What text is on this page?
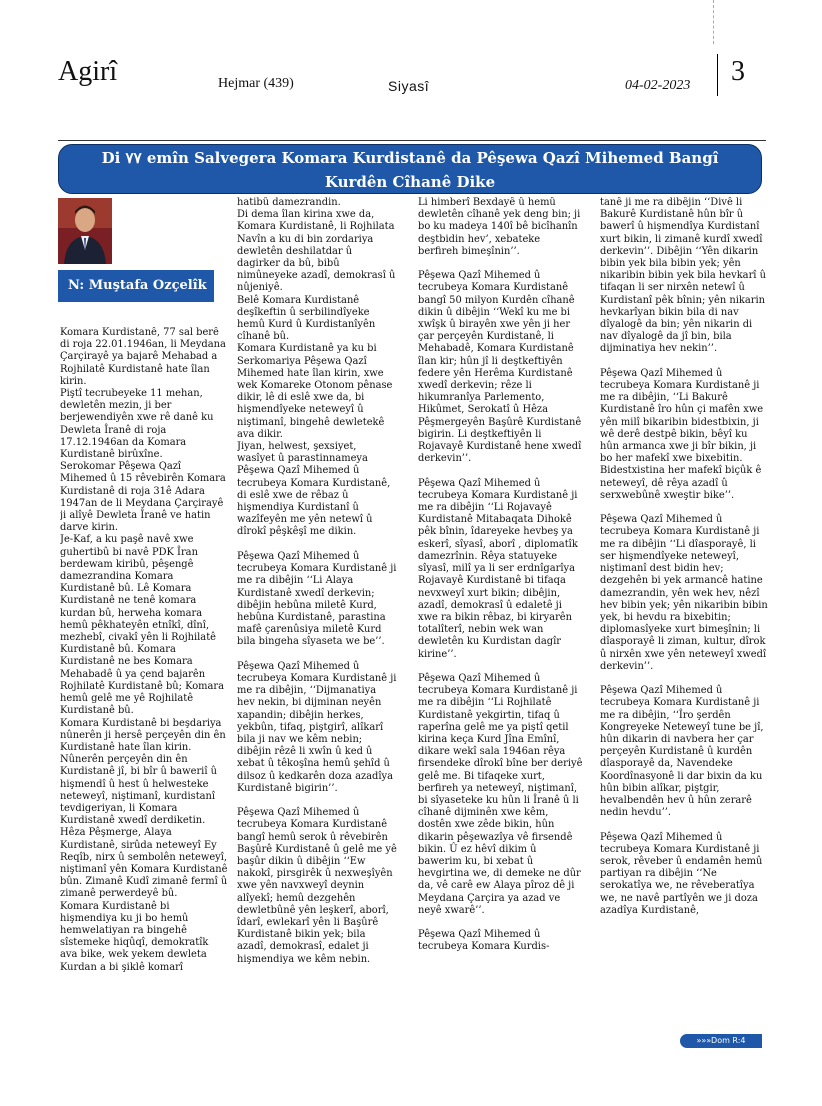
Agirî	Hejmar (439)	Siyasî	04-02-2023 3
Di ٧٧ emîn Salvegera Komara Kurdistanê da Pêşewa Qazî Mihemed Bangî
Kurdên Cîhanê Dike
N: Muştafa Ozçelîk
Komara Kurdistanê, 77 sal berê di roja 22.01.1946an, li Meydana Çarçirayê ya bajarê Mehabad a Rojhilatê Kurdistanê hate îlan kirin.
Piştî tecrubeyeke 11 mehan, dewletên mezin, ji ber berjewendiyên xwe rê danê ku Dewleta Îranê di roja 17.12.1946an da Komara Kurdistanê birûxîne.
Serokomar Pêşewa Qazî Mihemed û 15 rêvebirên Komara Kurdistanê di roja 31ê Adara 1947an de li Meydana Çarçirayê ji alîyê Dewleta Îranê ve hatin darve kirin.
Je-Kaf, a ku paşê navê xwe guhertibû bi navê PDK Îran berdewam kiribû, pêşengê damezrandina Komara Kurdistanê bû. Lê Komara Kurdistanê ne tenê komara kurdan bû, herweha komara hemû pêkhateyên etnîkî, dînî, mezhebî, civakî yên li Rojhilatê Kurdistanê bû. Komara Kurdistanê ne bes Komara Mehabadê û ya çend bajarên Rojhilatê Kurdistanê bû; Komara hemû gelê me yê Rojhilatê Kurdistanê bû.
Komara Kurdistanê bi beşdariya nûnerên ji hersê perçeyên din ên Kurdistanê hate îlan kirin. Nûnerên perçeyên din ên Kurdistanê jî, bi bîr û baweriî û hişmendî û hest û helwesteke neteweyî, niştimanî, kurdistanî tevdigeriyan, li Komara Kurdistanê xwedî derdiketin.
Hêza Pêşmerge, Alaya Kurdistanê, sirûda neteweyî Ey Reqîb, nirx û sembolên neteweyî, niştimanî yên Komara Kurdistanê bûn. Zimanê Kudî zimanê fermî û zimanê perwerdeyê bû.
Komara Kurdistanê bi hişmendiya ku ji bo hemû hemwelatiyan ra bingehê sîstemeke hiqûqî, demokratîk ava bike, wek yekem dewleta Kurdan a bi şiklê komarî
hatibû damezrandin.
Di dema îlan kirina xwe da, Komara Kurdistanê, li Rojhilata Navîn a ku di bin zordariya dewletên deshilatdar û dagirker da bû, bibû nimûneyeke azadî, demokrasî û nûjeniyê.
Belê Komara Kurdistanê deşîkeftin û serbilindîyeke hemû Kurd û Kurdistanîyên cîhanê bû.
Komara Kurdistanê ya ku bi Serkomariya Pêşewa Qazî Mihemed hate îlan kirin, xwe wek Komareke Otonom pênase dikir, lê di eslê xwe da, bi hişmendîyeke neteweyî û niştimanî, bingehê dewletekê ava dikir.
Jiyan, helwest, şexsiyet, wasîyet û parastinnameya Pêşewa Qazî Mihemed û tecrubeya Komara Kurdistanê, di eslê xwe de rêbaz û hişmendiya Kurdistanî û wazîfeyên me yên netewî û dîrokî pêşkêşî me dikin.

Pêşewa Qazî Mihemed û tecrubeya Komara Kurdistanê ji me ra dibêjin ‘‘Li Alaya Kurdistanê xwedî derkevin; dibêjin hebûna miletê Kurd, hebûna Kurdistanê, parastina mafê çarenûsiya miletê Kurd bila bingeha sîyaseta we be’’.

Pêşewa Qazî Mihemed û tecrubeya Komara Kurdistanê ji me ra dibêjin, ‘‘Dijmanatiya hev nekin, bi dijminan neyên xapandin; dibêjin herkes, yekbûn, tifaq, piştgirî, alîkarî bila ji nav we kêm nebin; dibêjin rêzê li xwîn û ked û xebat û têkoşîna hemû şehîd û dilsoz û kedkarên doza azadîya Kurdistanê bigirin’’.

Pêşewa Qazî Mihemed û tecrubeya Komara Kurdistanê bangî hemû serok û rêvebirên Başûrê Kurdistanê û gelê me yê başûr dikin û dibêjin ‘‘Ew nakokî, pirsgirêk û nexweşîyên xwe yên navxweyî deynin alîyekî; hemû dezgehên dewletbûnê yên leşkerî, aborî, îdarî, ewlekarî yên li Başûrê Kurdistanê bikin yek; bila azadî, demokrasî, edalet ji hişmendiya we kêm nebin.
Li himberî Bexdayê û hemû dewletên cîhanê yek deng bin; ji bo ku madeya 140î bê bicîhanîn deştbidin hev’, xebateke berfireh bimeşînin’’.

Pêşewa Qazî Mihemed û tecrubeya Komara Kurdistanê bangî 50 milyon Kurdên cîhanê dikin û dibêjin ‘‘Wekî ku me bi xwîşk û birayên xwe yên ji her çar perçeyên Kurdistanê, li Mehabadê, Komara Kurdistanê îlan kir; hûn jî li deştkeftiyên federe yên Herêma Kurdistanê xwedî derkevin; rêze li hikumranîya Parlemento, Hikûmet, Serokatî û Hêza Pêşmergeyên Başûrê Kurdistanê bigirin. Li deştkeftiyên li Rojavayê Kurdistanê hene xwedî derkevin’’.

Pêşewa Qazî Mihemed û tecrubeya Komara Kurdistanê ji me ra dibêjin ‘‘Li Rojavayê Kurdistanê Mitabaqata Dihokê pêk bînin, îdareyeke hevbeş ya eskerî, sîyasî, aborî , diplomatîk damezrînin. Rêya statuyeke sîyasî, milî ya li ser erdnîgarîya Rojavayê Kurdistanê bi tifaqa nevxweyî xurt bikin; dibêjin, azadî, demokrasî û edaletê ji xwe ra bikin rêbaz, bi kiryarên totalîterî, nebin wek wan dewletên ku Kurdistan dagîr kirine’’.

Pêşewa Qazî Mihemed û tecrubeya Komara Kurdistanê ji me ra dibêjin ‘‘Li Rojhilatê Kurdistanê yekgirtin, tifaq û raperîna gelê me ya piştî qetil kirina keça Kurd Jîna Emînî, dikare wekî sala 1946an rêya firsendeke dîrokî bîne ber deriyê gelê me. Bi tifaqeke xurt, berfireh ya neteweyî, niştimanî, bi sîyaseteke ku hûn li Îranê û li cîhanê dijminên xwe kêm, dostên xwe zêde bikin, hûn dikarin pêşewazîya vê firsendê bikin. Û ez hêvî dikim û bawerim ku, bi xebat û hevgirtina we, di demeke ne dûr da, vê carê ew Alaya pîroz dê ji Meydana Çarçira ya azad ve neyê xwarê’’.

Pêşewa Qazî Mihemed û tecrubeya Komara Kurdis-
tanê ji me ra dibêjin ‘‘Divê li Bakurê Kurdistanê hûn bîr û bawerî û hişmendîya Kurdistanî xurt bikin, li zimanê kurdî xwedî derkevin’’. Dibêjin ‘‘Yên dikarin bibin yek bila bibin yek; yên nikaribin bibin yek bila hevkarî û tifaqan li ser nirxên netewî û Kurdistanî pêk bînin; yên nikarin hevkarîyan bikin bila di nav dîyalogê da bin; yên nikarin di nav dîyalogê da jî bin, bila dijminatiya hev nekin’’.

Pêşewa Qazî Mihemed û tecrubeya Komara Kurdistanê ji me ra dibêjin, ‘‘Li Bakurê Kurdistanê îro hûn çi mafên xwe yên milî bikaribin bidestbixin, ji wê derê destpê bikin, bêyî ku hûn armanca xwe ji bîr bikin, ji bo her mafekî xwe bixebitin. Bidestxistina her mafekî biçûk ê neteweyî, dê rêya azadî û serxwebûnê xweştir bike’’.

Pêşewa Qazî Mihemed û tecrubeya Komara Kurdistanê ji me ra dibêjin ‘‘Li dîasporayê, li ser hişmendîyeke neteweyî, niştimanî dest bidin hev; dezgehên bi yek armancê hatine damezrandin, yên wek hev, nêzî hev bibin yek; yên nikaribin bibin yek, bi hevdu ra bixebitin; diplomasîyeke xurt bimeşînin; li dîasporayê li ziman, kultur, dîrok û nirxên xwe yên neteweyî xwedî derkevin’’.

Pêşewa Qazî Mihemed û tecrubeya Komara Kurdistanê ji me ra dibêjin, ‘‘Îro şerdên Kongreyeke Neteweyî tune be jî, hûn dikarin di navbera her çar perçeyên Kurdistanê û kurdên dîasporayê da, Navendeke Koordînasyonê li dar bixin da ku hûn bibin alîkar, piştgir, hevalbendên hev û hûn zerarê nedin hevdu’’.

Pêşewa Qazî Mihemed û tecrubeya Komara Kurdistanê ji serok, rêveber û endamên hemû partiyan ra dibêjin ‘‘Ne serokatîya we, ne rêveberatîya we, ne navê partîyên we ji doza azadîya Kurdistanê,
»»»Dom R:4
